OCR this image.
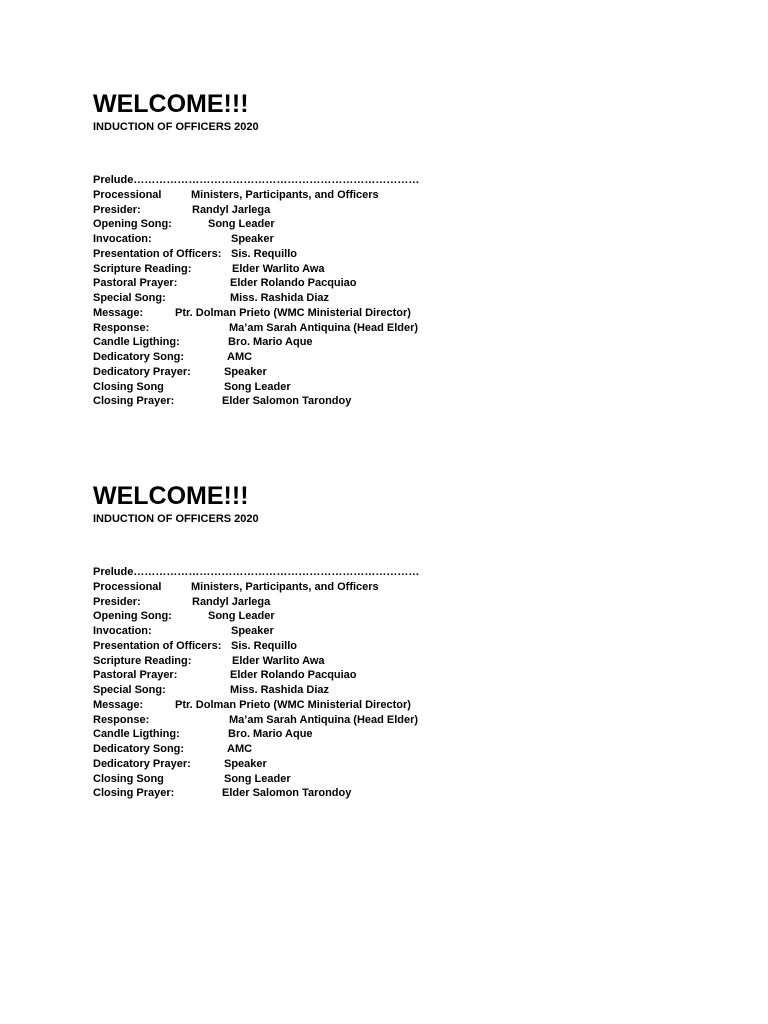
WELCOME!!!

INDUCTION OF OFFICERS 2020

Prelude……………………………………………………………………
Processional	Ministers, Participants, and Officers
Presider:	Randyl Jarlega
Opening Song:	Song Leader
Invocation:	Speaker
Presentation of Officers: Sis. Requillo
Scripture Reading:	Elder Warlito Awa
Pastoral Prayer:	Elder Rolando Pacquiao
Special Song:	Miss. Rashida Diaz
Message:	Ptr. Dolman Prieto (WMC Ministerial Director)
Response:	Ma’am Sarah Antiquina (Head Elder)
Candle Ligthing:	Bro. Mario Aque
Dedicatory Song:	AMC
Dedicatory Prayer:	Speaker
Closing Song	Song Leader
Closing Prayer:	Elder Salomon Tarondoy
WELCOME!!!

INDUCTION OF OFFICERS 2020

Prelude……………………………………………………………………
Processional	Ministers, Participants, and Officers
Presider:	Randyl Jarlega
Opening Song:	Song Leader
Invocation:	Speaker
Presentation of Officers: Sis. Requillo
Scripture Reading:	Elder Warlito Awa
Pastoral Prayer:	Elder Rolando Pacquiao
Special Song:	Miss. Rashida Diaz
Message:	Ptr. Dolman Prieto (WMC Ministerial Director)
Response:	Ma’am Sarah Antiquina (Head Elder)
Candle Ligthing:	Bro. Mario Aque
Dedicatory Song:	AMC
Dedicatory Prayer:	Speaker
Closing Song	Song Leader
Closing Prayer:	Elder Salomon Tarondoy
